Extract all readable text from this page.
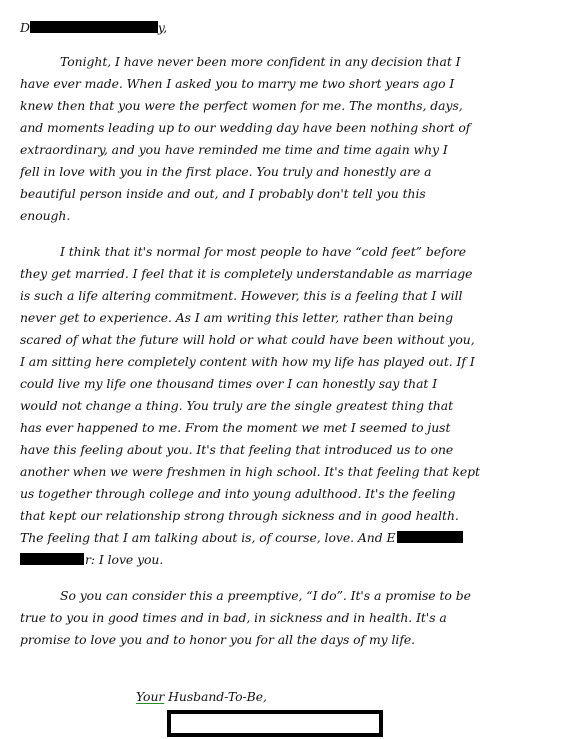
D	y,
Tonight, I have never been more confident in any decision that I
have ever made. When I asked you to marry me two short years ago I
knew then that you were the perfect women for me. The months, days,
and moments leading up to our wedding day have been nothing short of
extraordinary, and you have reminded me time and time again why I
fell in love with you in the first place. You truly and honestly are a
beautiful person inside and out, and I probably don't tell you this
enough.
I think that it's normal for most people to have “cold feet” before
they get married. I feel that it is completely understandable as marriage
is such a life altering commitment. However, this is a feeling that I will
never get to experience. As I am writing this letter, rather than being
scared of what the future will hold or what could have been without you,
I am sitting here completely content with how my life has played out. If I
could live my life one thousand times over I can honestly say that I
would not change a thing. You truly are the single greatest thing that
has ever happened to me. From the moment we met I seemed to just
have this feeling about you. It's that feeling that introduced us to one
another when we were freshmen in high school. It's that feeling that kept
us together through college and into young adulthood. It's the feeling
that kept our relationship strong through sickness and in good health.
The feeling that I am talking about is, of course, love. And E
r: I love you.
So you can consider this a preemptive, “I do”. It's a promise to be
true to you in good times and in bad, in sickness and in health. It's a
promise to love you and to honor you for all the days of my life.
Your Husband-To-Be,
